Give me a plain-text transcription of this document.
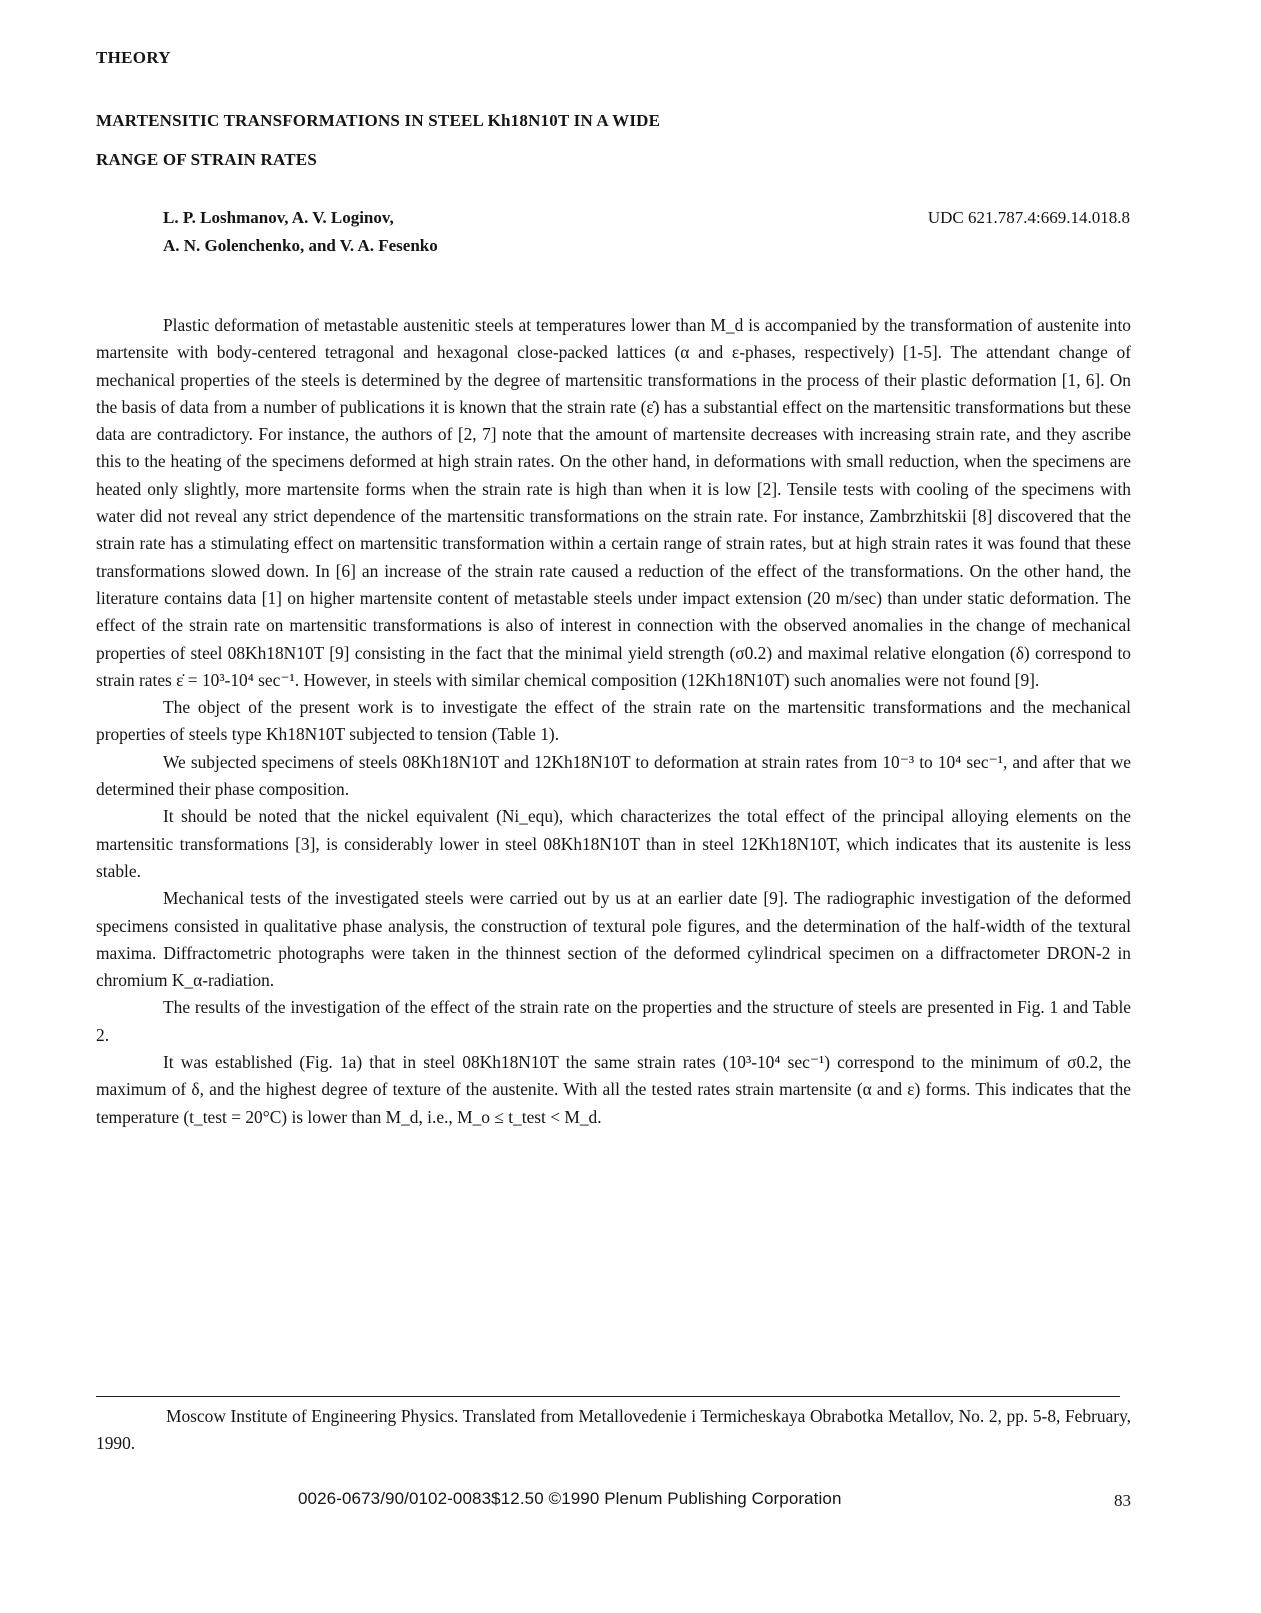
THEORY
MARTENSITIC TRANSFORMATIONS IN STEEL Kh18N10T IN A WIDE
RANGE OF STRAIN RATES
L. P. Loshmanov, A. V. Loginov,
A. N. Golenchenko, and V. A. Fesenko
UDC 621.787.4:669.14.018.8

Plastic deformation of metastable austenitic steels at temperatures lower than M_d is accompanied by the transformation of austenite into martensite with body-centered tetragonal and hexagonal close-packed lattices (α and ε-phases, respectively) [1-5]. The attendant change of mechanical properties of the steels is determined by the degree of martensitic transformations in the process of their plastic deformation [1, 6]. On the basis of data from a number of publications it is known that the strain rate (ε̇) has a substantial effect on the martensitic transformations but these data are contradictory. For instance, the authors of [2, 7] note that the amount of martensite decreases with increasing strain rate, and they ascribe this to the heating of the specimens deformed at high strain rates. On the other hand, in deformations with small reduction, when the specimens are heated only slightly, more martensite forms when the strain rate is high than when it is low [2]. Tensile tests with cooling of the specimens with water did not reveal any strict dependence of the martensitic transformations on the strain rate. For instance, Zambrzhitskii [8] discovered that the strain rate has a stimulating effect on martensitic transformation within a certain range of strain rates, but at high strain rates it was found that these transformations slowed down. In [6] an increase of the strain rate caused a reduction of the effect of the transformations. On the other hand, the literature contains data [1] on higher martensite content of metastable steels under impact extension (20 m/sec) than under static deformation. The effect of the strain rate on martensitic transformations is also of interest in connection with the observed anomalies in the change of mechanical properties of steel 08Kh18N10T [9] consisting in the fact that the minimal yield strength (σ0.2) and maximal relative elongation (δ) correspond to strain rates ε̇ = 10³-10⁴ sec⁻¹. However, in steels with similar chemical composition (12Kh18N10T) such anomalies were not found [9].

The object of the present work is to investigate the effect of the strain rate on the martensitic transformations and the mechanical properties of steels type Kh18N10T subjected to tension (Table 1).

We subjected specimens of steels 08Kh18N10T and 12Kh18N10T to deformation at strain rates from 10⁻³ to 10⁴ sec⁻¹, and after that we determined their phase composition.

It should be noted that the nickel equivalent (Ni_equ), which characterizes the total effect of the principal alloying elements on the martensitic transformations [3], is considerably lower in steel 08Kh18N10T than in steel 12Kh18N10T, which indicates that its austenite is less stable.

Mechanical tests of the investigated steels were carried out by us at an earlier date [9]. The radiographic investigation of the deformed specimens consisted in qualitative phase analysis, the construction of textural pole figures, and the determination of the half-width of the textural maxima. Diffractometric photographs were taken in the thinnest section of the deformed cylindrical specimen on a diffractometer DRON-2 in chromium K_α-radiation.

The results of the investigation of the effect of the strain rate on the properties and the structure of steels are presented in Fig. 1 and Table 2.

It was established (Fig. 1a) that in steel 08Kh18N10T the same strain rates (10³-10⁴ sec⁻¹) correspond to the minimum of σ0.2, the maximum of δ, and the highest degree of texture of the austenite. With all the tested rates strain martensite (α and ε) forms. This indicates that the temperature (t_test = 20°C) is lower than M_d, i.e., M_o ≤ t_test < M_d.

Moscow Institute of Engineering Physics. Translated from Metallovedenie i Termicheskaya Obrabotka Metallov, No. 2, pp. 5-8, February, 1990.
0026-0673/90/0102-0083$12.50 ©1990 Plenum Publishing Corporation	83
